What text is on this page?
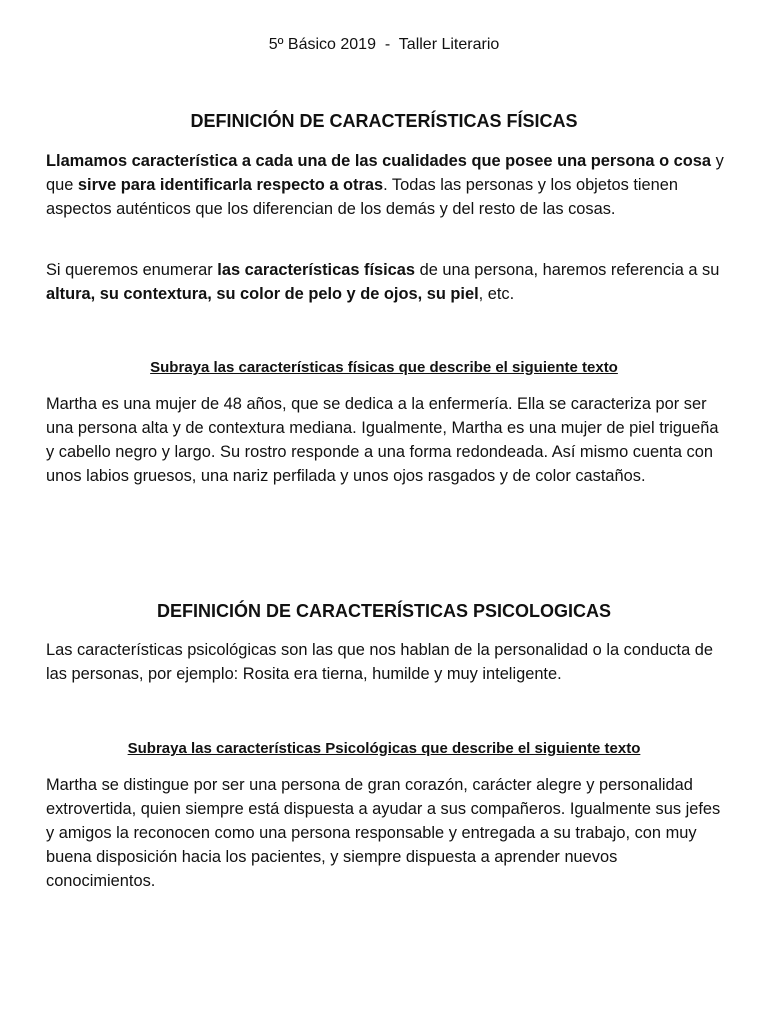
5º Básico 2019  -  Taller Literario
DEFINICIÓN DE CARACTERÍSTICAS FÍSICAS

Llamamos característica a cada una de las cualidades que posee una persona o cosa y que sirve para identificarla respecto a otras. Todas las personas y los objetos tienen aspectos auténticos que los diferencian de los demás y del resto de las cosas.

Si queremos enumerar las características físicas de una persona, haremos referencia a su altura, su contextura, su color de pelo y de ojos, su piel, etc.

Subraya las características físicas que describe el siguiente texto

Martha es una mujer de 48 años, que se dedica a la enfermería. Ella se caracteriza por ser una persona alta y de contextura mediana. Igualmente, Martha es una mujer de piel trigueña y cabello negro y largo. Su rostro responde a una forma redondeada. Así mismo cuenta con unos labios gruesos, una nariz perfilada y unos ojos rasgados y de color castaños.

DEFINICIÓN DE CARACTERÍSTICAS PSICOLOGICAS

Las características psicológicas son las que nos hablan de la personalidad o la conducta de las personas, por ejemplo: Rosita era tierna, humilde y muy inteligente.

Subraya las características Psicológicas que describe el siguiente texto

Martha se distingue por ser una persona de gran corazón, carácter alegre y personalidad extrovertida, quien siempre está dispuesta a ayudar a sus compañeros. Igualmente sus jefes y amigos la reconocen como una persona responsable y entregada a su trabajo, con muy buena disposición hacia los pacientes, y siempre dispuesta a aprender nuevos conocimientos.
